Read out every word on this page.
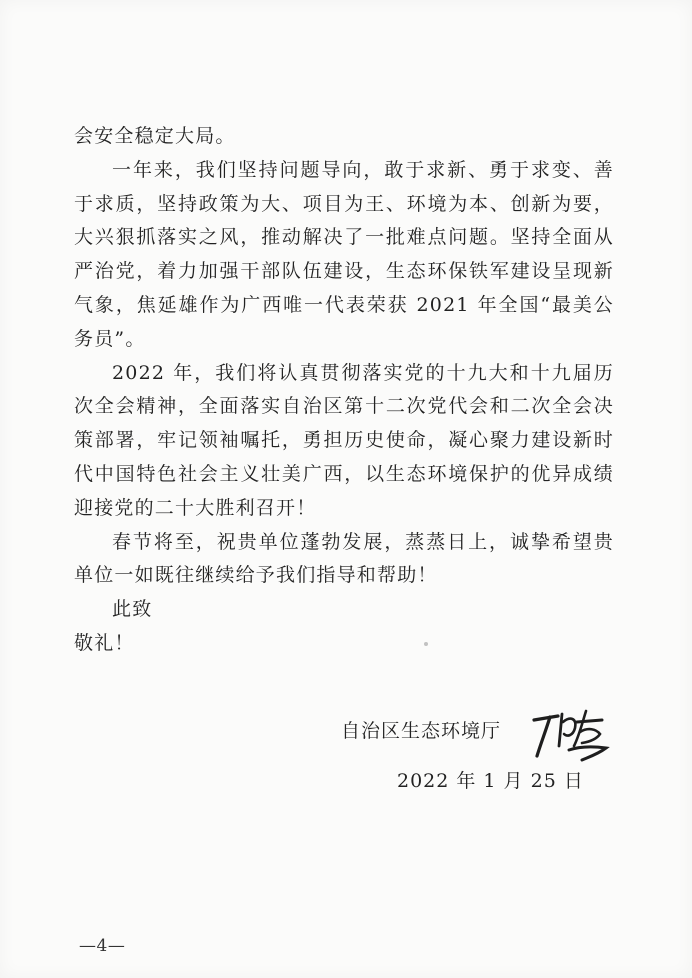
会安全稳定大局。

一年来，我们坚持问题导向，敢于求新、勇于求变、善于求质，坚持政策为大、项目为王、环境为本、创新为要，大兴狠抓落实之风，推动解决了一批难点问题。坚持全面从严治党，着力加强干部队伍建设，生态环保铁军建设呈现新气象，焦延雄作为广西唯一代表荣获 2021 年全国“最美公务员”。

2022 年，我们将认真贯彻落实党的十九大和十九届历次全会精神，全面落实自治区第十二次党代会和二次全会决策部署，牢记领袖嘱托，勇担历史使命，凝心聚力建设新时代中国特色社会主义壮美广西，以生态环境保护的优异成绩迎接党的二十大胜利召开！

春节将至，祝贵单位蓬勃发展，蒸蒸日上，诚挚希望贵单位一如既往继续给予我们指导和帮助！

此致

敬礼！

自治区生态环境厅
2022 年 1 月 25 日
—4—
